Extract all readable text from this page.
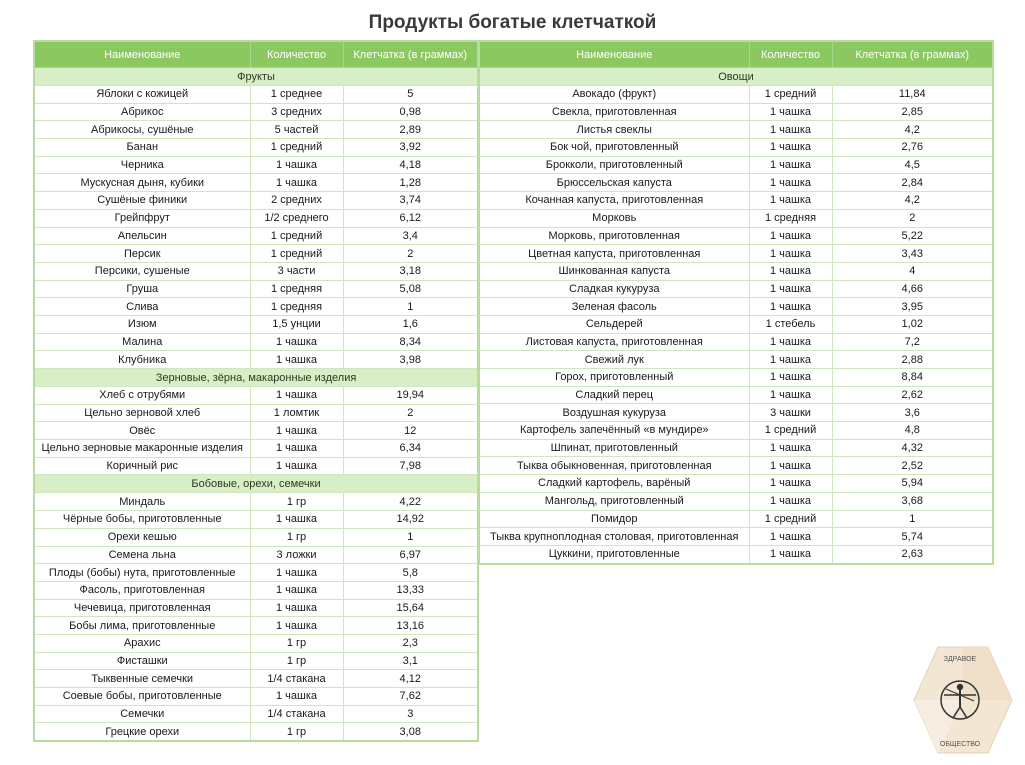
Продукты богатые клетчаткой
Наименование	Количество	Клетчатка (в граммах)
Фрукты		
Яблоки с кожицей	1 среднее	5
Абрикос	3 средних	0,98
Абрикосы, сушёные	5 частей	2,89
Банан	1 средний	3,92
Черника	1 чашка	4,18
Мускусная дыня, кубики	1 чашка	1,28
Сушёные финики	2 средних	3,74
Грейпфрут	1/2 среднего	6,12
Апельсин	1 средний	3,4
Персик	1 средний	2
Персики, сушеные	3 части	3,18
Груша	1 средняя	5,08
Слива	1 средняя	1
Изюм	1,5 унции	1,6
Малина	1 чашка	8,34
Клубника	1 чашка	3,98
Зерновые, зёрна, макаронные изделия		
Хлеб с отрубями	1 чашка	19,94
Цельно зерновой хлеб	1 ломтик	2
Овёс	1 чашка	12
Цельно зерновые макаронные изделия	1 чашка	6,34
Коричный рис	1 чашка	7,98
Бобовые, орехи, семечки		
Миндаль	1 гр	4,22
Чёрные бобы, приготовленные	1 чашка	14,92
Орехи кешью	1 гр	1
Семена льна	3 ложки	6,97
Плоды (бобы) нута, приготовленные	1 чашка	5,8
Фасоль, приготовленная	1 чашка	13,33
Чечевица, приготовленная	1 чашка	15,64
Бобы лима, приготовленные	1 чашка	13,16
Арахис	1 гр	2,3
Фисташки	1 гр	3,1
Тыквенные семечки	1/4 стакана	4,12
Соевые бобы, приготовленные	1 чашка	7,62
Семечки	1/4 стакана	3
Грецкие орехи	1 гр	3,08
Наименование	Количество	Клетчатка (в граммах)
Овощи		
Авокадо (фрукт)	1 средний	11,84
Свекла, приготовленная	1 чашка	2,85
Листья свеклы	1 чашка	4,2
Бок чой, приготовленный	1 чашка	2,76
Брокколи, приготовленный	1 чашка	4,5
Брюссельская капуста	1 чашка	2,84
Кочанная капуста, приготовленная	1 чашка	4,2
Морковь	1 средняя	2
Морковь, приготовленная	1 чашка	5,22
Цветная капуста, приготовленная	1 чашка	3,43
Шинкованная капуста	1 чашка	4
Сладкая кукуруза	1 чашка	4,66
Зеленая фасоль	1 чашка	3,95
Сельдерей	1 стебель	1,02
Листовая капуста, приготовленная	1 чашка	7,2
Свежий лук	1 чашка	2,88
Горох, приготовленный	1 чашка	8,84
Сладкий перец	1 чашка	2,62
Воздушная кукуруза	3 чашки	3,6
Картофель запечённый «в мундире»	1 средний	4,8
Шпинат, приготовленный	1 чашка	4,32
Тыква обыкновенная, приготовленная	1 чашка	2,52
Сладкий картофель, варёный	1 чашка	5,94
Мангольд, приготовленный	1 чашка	3,68
Помидор	1 средний	1
Тыква крупноплодная столовая, приготовленная	1 чашка	5,74
Цуккини, приготовленные	1 чашка	2,63
ЗДРАВОЕ
ОБЩЕСТВО
